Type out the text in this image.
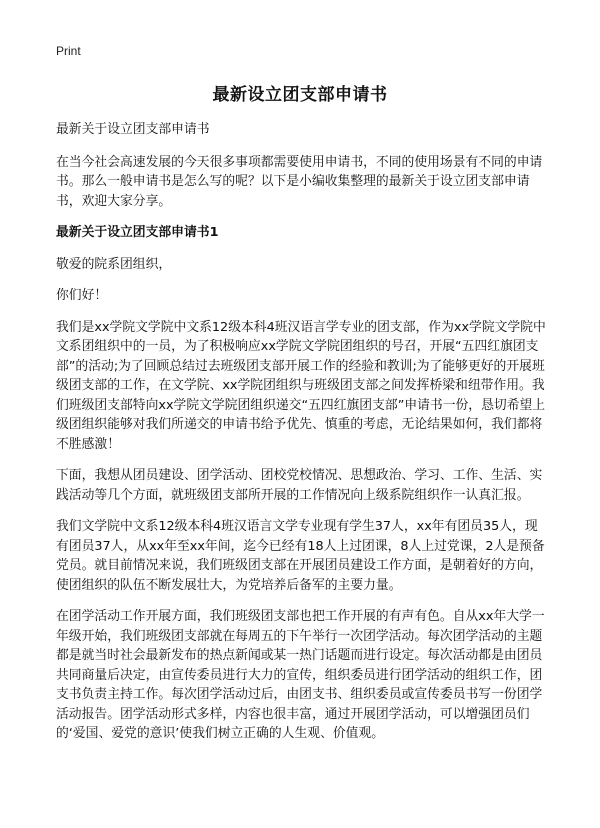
Print
最新设立团支部申请书

最新关于设立团支部申请书

在当今社会高速发展的今天很多事项都需要使用申请书，不同的使用场景有不同的申请书。那么一般申请书是怎么写的呢？以下是小编收集整理的最新关于设立团支部申请书，欢迎大家分享。

最新关于设立团支部申请书1

敬爱的院系团组织，

你们好！

我们是xx学院文学院中文系12级本科4班汉语言学专业的团支部，作为xx学院文学院中文系团组织中的一员，为了积极响应xx学院文学院团组织的号召，开展“五四红旗团支部”的活动;为了回顾总结过去班级团支部开展工作的经验和教训;为了能够更好的开展班级团支部的工作，在文学院、xx学院团组织与班级团支部之间发挥桥梁和纽带作用。我们班级团支部特向xx学院文学院团组织递交“五四红旗团支部”申请书一份，恳切希望上级团组织能够对我们所递交的申请书给予优先、慎重的考虑，无论结果如何，我们都将不胜感激！

下面，我想从团员建设、团学活动、团校党校情况、思想政治、学习、工作、生活、实践活动等几个方面，就班级团支部所开展的工作情况向上级系院组织作一认真汇报。

我们文学院中文系12级本科4班汉语言文学专业现有学生37人，xx年有团员35人，现有团员37人，从xx年至xx年间，迄今已经有18人上过团课，8人上过党课，2人是预备党员。就目前情况来说，我们班级团支部在开展团员建设工作方面，是朝着好的方向，使团组织的队伍不断发展壮大，为党培养后备军的主要力量。

在团学活动工作开展方面，我们班级团支部也把工作开展的有声有色。自从xx年大学一年级开始，我们班级团支部就在每周五的下午举行一次团学活动。每次团学活动的主题都是就当时社会最新发布的热点新闻或某一热门话题而进行设定。每次活动都是由团员共同商量后决定，由宣传委员进行大力的宣传，组织委员进行团学活动的组织工作，团支书负责主持工作。每次团学活动过后，由团支书、组织委员或宣传委员书写一份团学活动报告。团学活动形式多样，内容也很丰富，通过开展团学活动，可以增强团员们的‘爱国、爱党的意识’使我们树立正确的人生观、价值观。
